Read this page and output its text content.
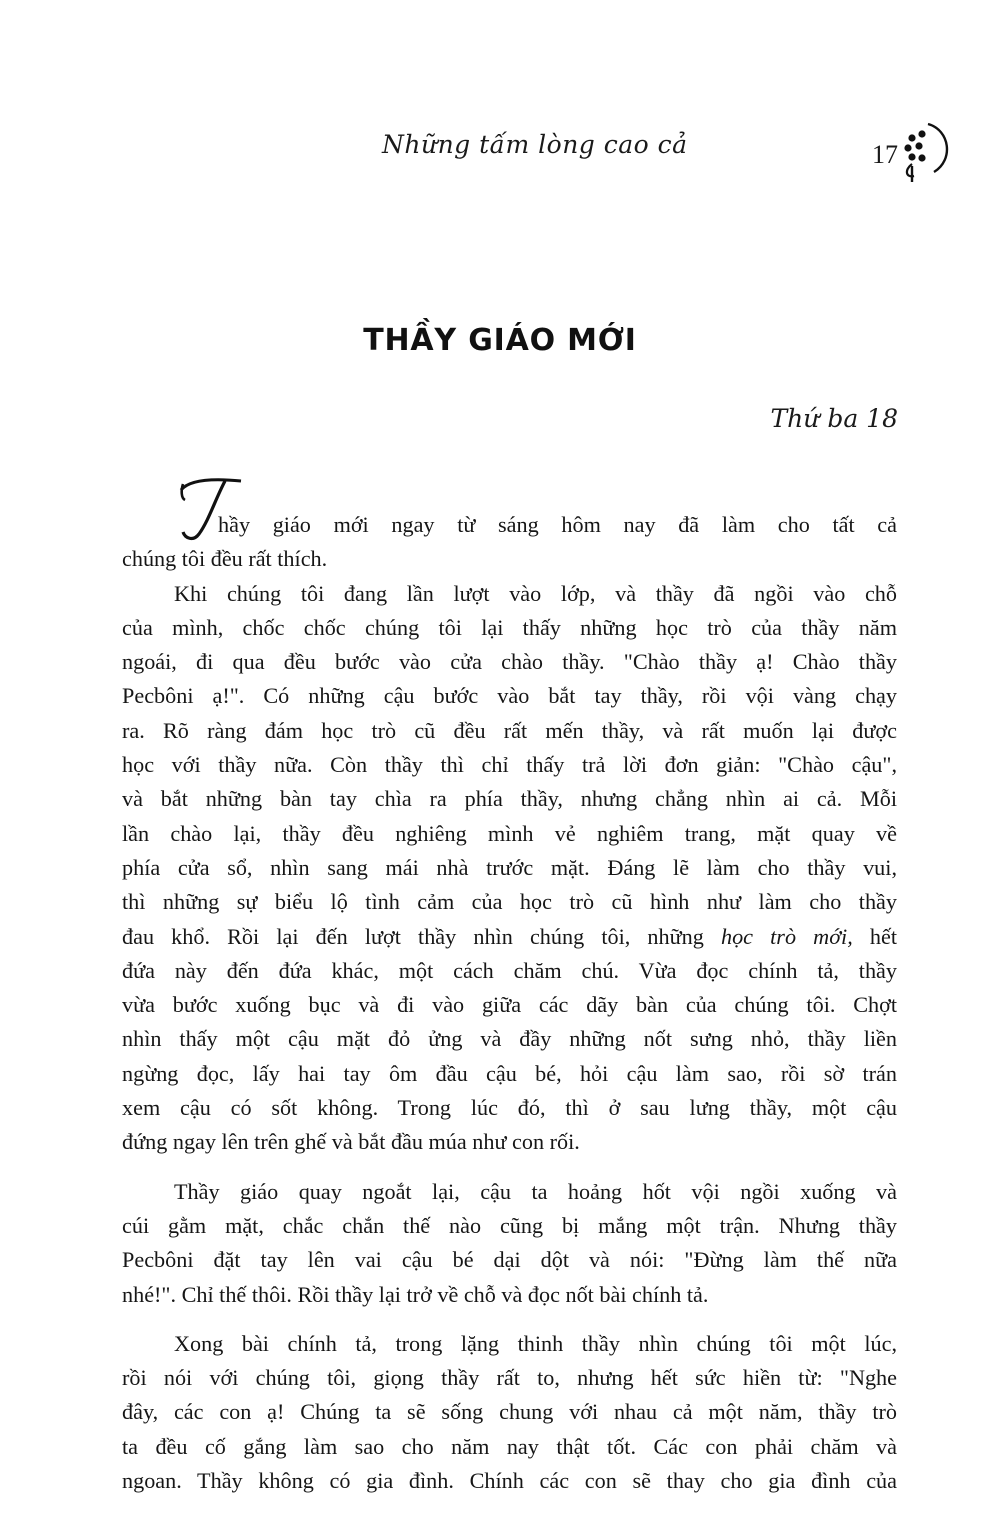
Những tấm lòng cao cả	17
THẦY GIÁO MỚI
Thứ ba 18
hầy giáo mới ngay từ sáng hôm nay đã làm cho tất cả
chúng tôi đều rất thích.
Khi chúng tôi đang lần lượt vào lớp, và thầy đã ngồi vào chỗ
của mình, chốc chốc chúng tôi lại thấy những học trò của thầy năm
ngoái, đi qua đều bước vào cửa chào thầy. "Chào thầy ạ! Chào thầy
Pecbôni ạ!". Có những cậu bước vào bắt tay thầy, rồi vội vàng chạy
ra. Rõ ràng đám học trò cũ đều rất mến thầy, và rất muốn lại được
học với thầy nữa. Còn thầy thì chỉ thấy trả lời đơn giản: "Chào cậu",
và bắt những bàn tay chìa ra phía thầy, nhưng chẳng nhìn ai cả. Mỗi
lần chào lại, thầy đều nghiêng mình vẻ nghiêm trang, mặt quay về
phía cửa sổ, nhìn sang mái nhà trước mặt. Đáng lẽ làm cho thầy vui,
thì những sự biểu lộ tình cảm của học trò cũ hình như làm cho thầy
đau khổ. Rồi lại đến lượt thầy nhìn chúng tôi, những học trò mới, hết
đứa này đến đứa khác, một cách chăm chú. Vừa đọc chính tả, thầy
vừa bước xuống bục và đi vào giữa các dãy bàn của chúng tôi. Chợt
nhìn thấy một cậu mặt đỏ ửng và đầy những nốt sưng nhỏ, thầy liền
ngừng đọc, lấy hai tay ôm đầu cậu bé, hỏi cậu làm sao, rồi sờ trán
xem cậu có sốt không. Trong lúc đó, thì ở sau lưng thầy, một cậu
đứng ngay lên trên ghế và bắt đầu múa như con rối.
Thầy giáo quay ngoắt lại, cậu ta hoảng hốt vội ngồi xuống và
cúi gằm mặt, chắc chắn thế nào cũng bị mắng một trận. Nhưng thầy
Pecbôni đặt tay lên vai cậu bé dại dột và nói: "Đừng làm thế nữa
nhé!". Chỉ thế thôi. Rồi thầy lại trở về chỗ và đọc nốt bài chính tả.
Xong bài chính tả, trong lặng thinh thầy nhìn chúng tôi một lúc,
rồi nói với chúng tôi, giọng thầy rất to, nhưng hết sức hiền từ: "Nghe
đây, các con ạ! Chúng ta sẽ sống chung với nhau cả một năm, thầy trò
ta đều cố gắng làm sao cho năm nay thật tốt. Các con phải chăm và
ngoan. Thầy không có gia đình. Chính các con sẽ thay cho gia đình của
